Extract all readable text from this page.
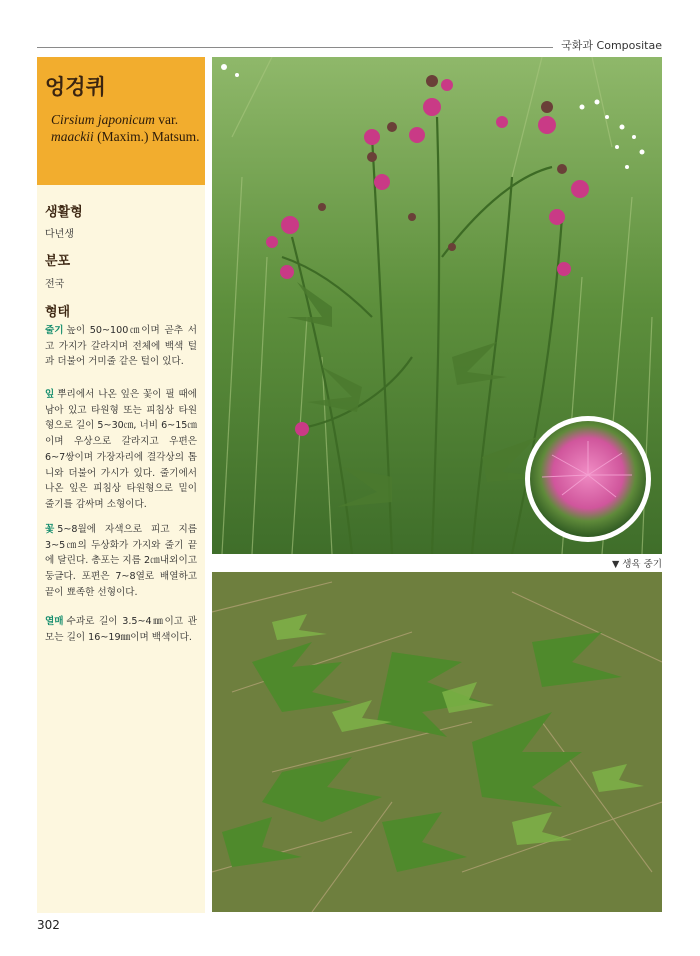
국화과 Compositae
엉겅퀴
Cirsium japonicum var.
maackii (Maxim.) Matsum.
생활형
다년생
분포
전국
형태
줄기 높이 50~100㎝이며 곧추 서고 가지가 갈라지며 전체에 백색 털과 더불어 거미줄 같은 털이 있다.
잎 뿌리에서 나온 잎은 꽃이 필 때에 남아 있고 타원형 또는 피침상 타원형으로 길이 5~30㎝, 너비 6~15㎝이며 우상으로 갈라지고 우편은 6~7쌍이며 가장자리에 결각상의 톱니와 더불어 가시가 있다. 줄기에서 나온 잎은 피침상 타원형으로 밑이 줄기를 감싸며 소형이다.
꽃 5~8월에 자색으로 피고 지름 3~5㎝의 두상화가 가지와 줄기 끝에 달린다. 총포는 지름 2㎝내외이고 둥글다. 포편은 7~8열로 배열하고 끝이 뾰족한 선형이다.
열매 수과로 길이 3.5~4㎜이고 관모는 길이 16~19㎜이며 백색이다.
▼ 생육 중기
302
